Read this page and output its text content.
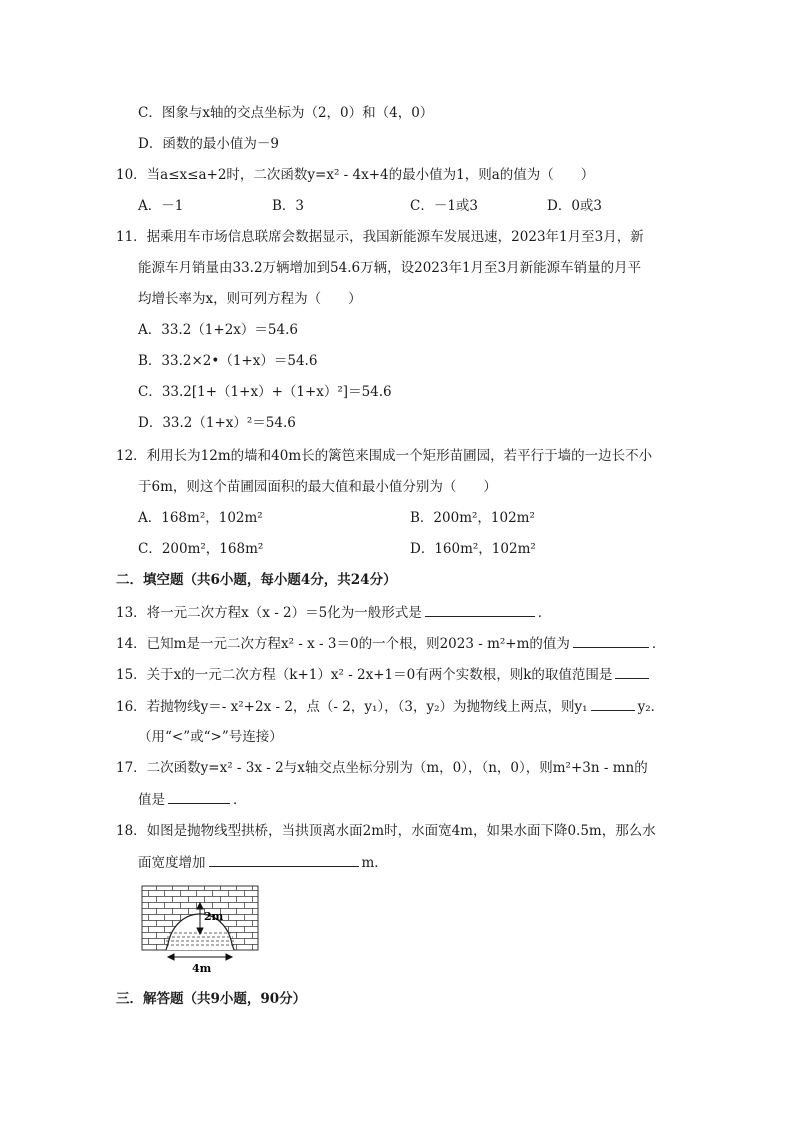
C．图象与x轴的交点坐标为（2，0）和（4，0）
D．函数的最小值为－9
10．当a≤x≤a+2时，二次函数y=x² - 4x+4的最小值为1，则a的值为（　　）
A．－1	B．3	C．－1或3	D．0或3
11．据乘用车市场信息联席会数据显示，我国新能源车发展迅速，2023年1月至3月，新
能源车月销量由33.2万辆增加到54.6万辆，设2023年1月至3月新能源车销量的月平
均增长率为x，则可列方程为（　　）
A．33.2（1+2x）＝54.6
B．33.2×2•（1+x）＝54.6
C．33.2[1+（1+x）+（1+x）²]＝54.6
D．33.2（1+x）²＝54.6
12．利用长为12m的墙和40m长的篱笆来围成一个矩形苗圃园，若平行于墙的一边长不小
于6m，则这个苗圃园面积的最大值和最小值分别为（　　）
A．168m²，102m²	B．200m²，102m²
C．200m²，168m²	D．160m²，102m²
二．填空题（共6小题，每小题4分，共24分）
13．将一元二次方程x（x - 2）＝5化为一般形式是	．
14．已知m是一元二次方程x² - x - 3＝0的一个根，则2023 - m²+m的值为	．
15．关于x的一元二次方程（k+1）x² - 2x+1＝0有两个实数根，则k的取值范围是
16．若抛物线y＝- x²+2x - 2，点（- 2，y₁），（3，y₂）为抛物线上两点，则y₁	y₂．
（用“<”或“>”号连接）
17．二次函数y=x² - 3x - 2与x轴交点坐标分别为（m，0），（n，0），则m²+3n - mn的
值是	．
18．如图是抛物线型拱桥，当拱顶离水面2m时，水面宽4m，如果水面下降0.5m，那么水
面宽度增加	m．
2m
4m
三．解答题（共9小题，90分）
